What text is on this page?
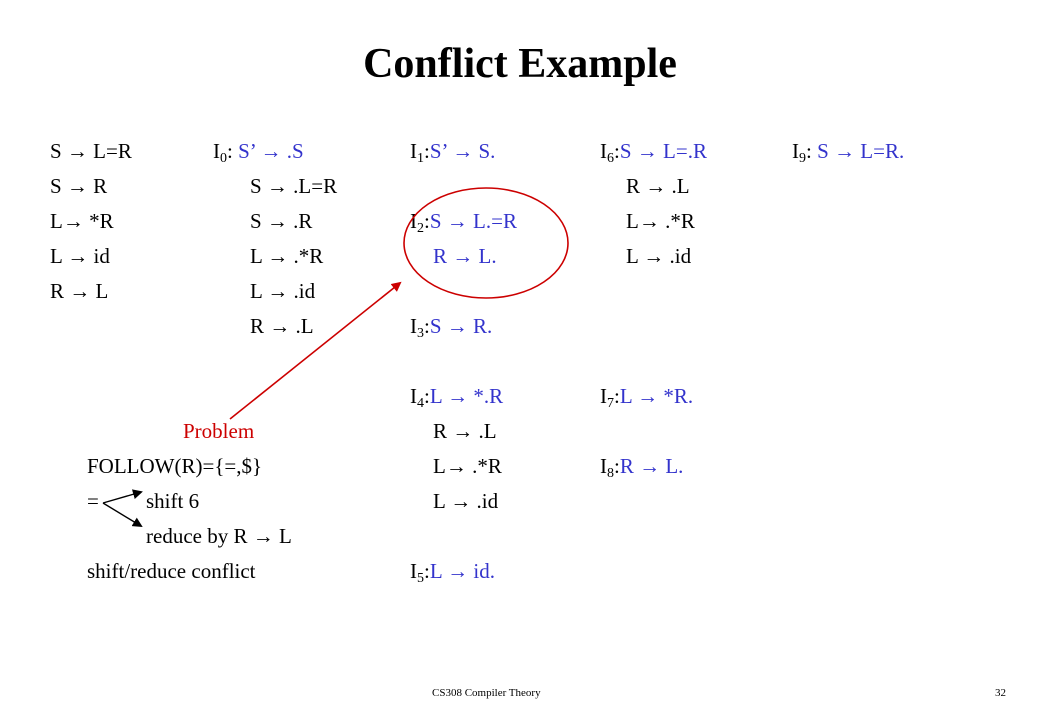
Conflict Example
S → L=R
S → R
L→ *R
L → id
R → L
$I_0$: S’ → .S
S → .L=R
S → .R
L → .*R
L → .id
R → .L
$I_1:S$’ → S.
$I_2:S \to L.=R$
R → L.
$I_3:S \to R$.
$I_4:L \to *.R$
R → .L
L→ .*R
L → .id
$I_5:L$ → id.
$I_6:S \to L=.R$
R → .L
L→ .*R
L → .id
$I_7:L \to *R$.
$I_8:R \to L$.
$I_9$: S → L=R.
Problem
FOLLOW(R)={=,$}
= shift 6
reduce by R → L
shift/reduce conflict
CS308 Compiler Theory	32
